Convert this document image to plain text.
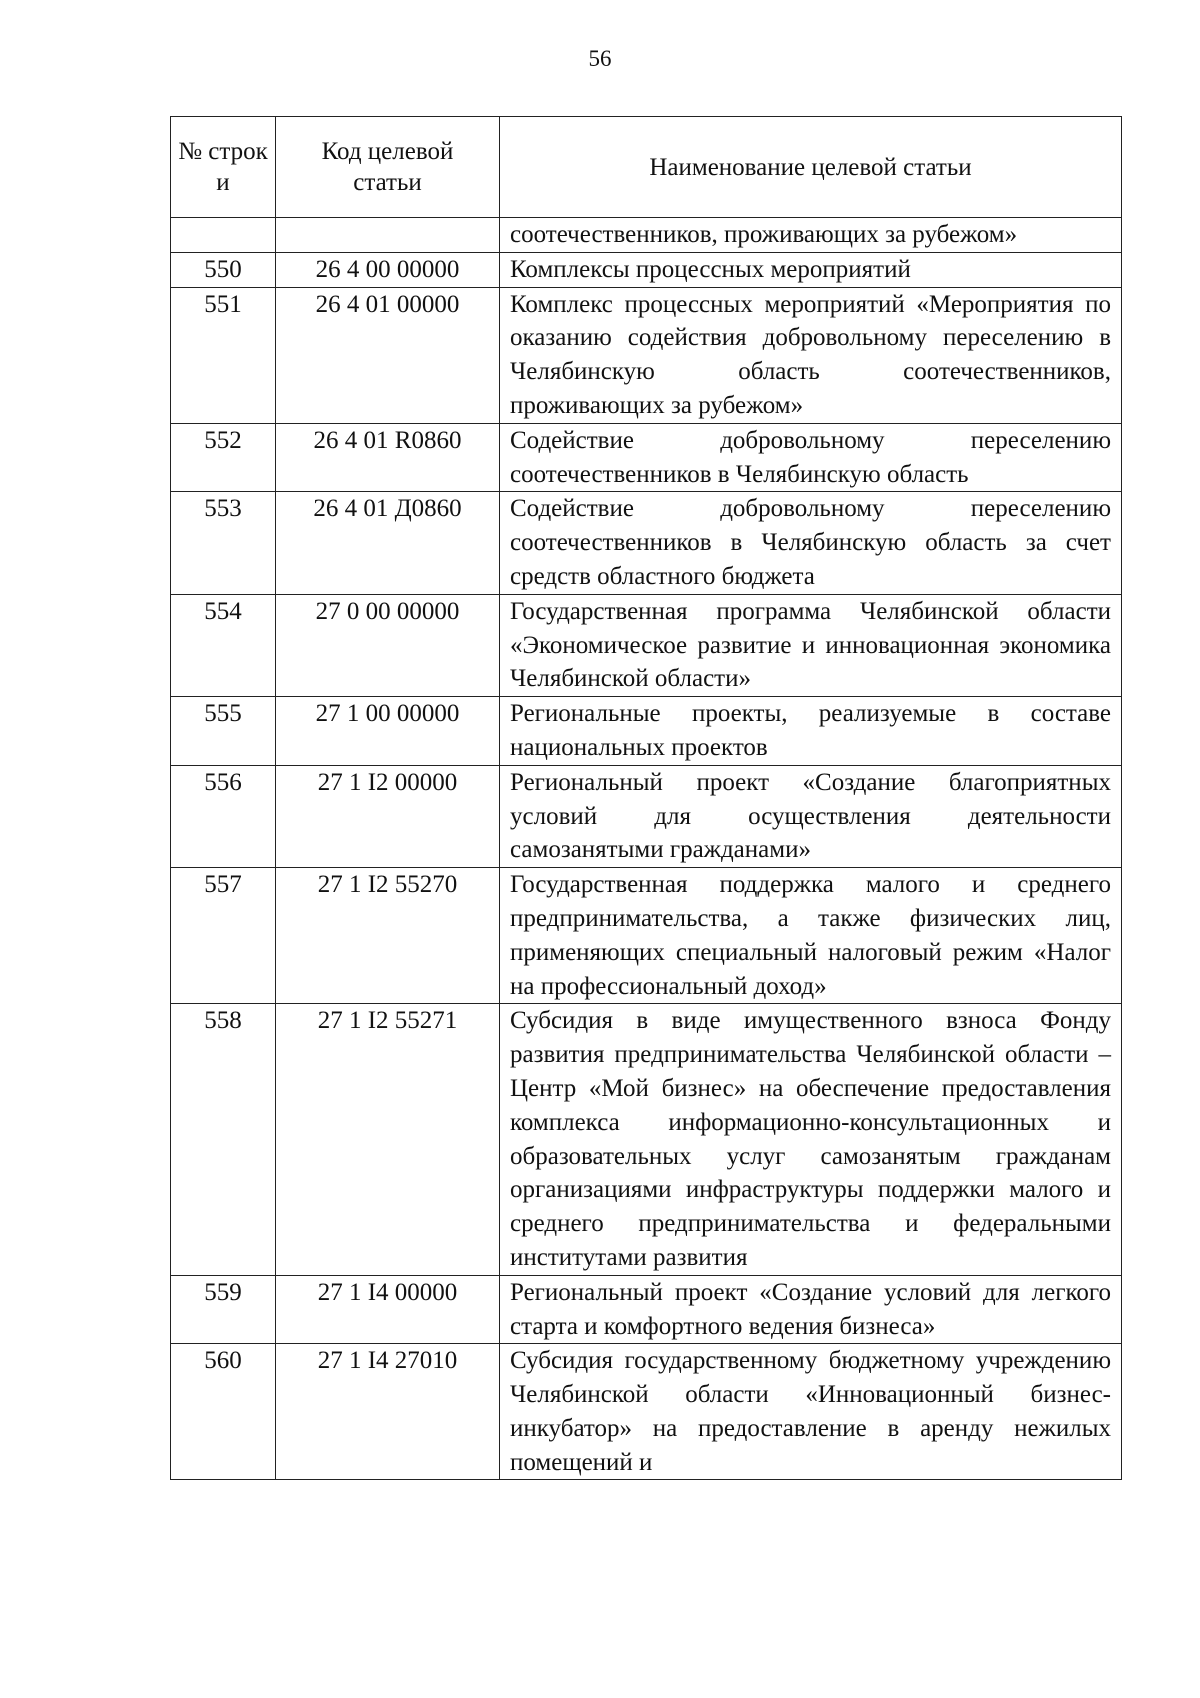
56
№ строк и	Код целевой статьи	Наименование целевой статьи
		соотечественников, проживающих за рубежом»
550	26 4 00 00000	Комплексы процессных мероприятий
551	26 4 01 00000	Комплекс процессных мероприятий «Мероприятия по оказанию содействия добровольному переселению в Челябинскую область соотечественников, проживающих за рубежом»
552	26 4 01 R0860	Содействие добровольному переселению соотечественников в Челябинскую область
553	26 4 01 Д0860	Содействие добровольному переселению соотечественников в Челябинскую область за счет средств областного бюджета
554	27 0 00 00000	Государственная программа Челябинской области «Экономическое развитие и инновационная экономика Челябинской области»
555	27 1 00 00000	Региональные проекты, реализуемые в составе национальных проектов
556	27 1 I2 00000	Региональный проект «Создание благоприятных условий для осуществления деятельности самозанятыми гражданами»
557	27 1 I2 55270	Государственная поддержка малого и среднего предпринимательства, а также физических лиц, применяющих специальный налоговый режим «Налог на профессиональный доход»
558	27 1 I2 55271	Субсидия в виде имущественного взноса Фонду развития предпринимательства Челябинской области – Центр «Мой бизнес» на обеспечение предоставления комплекса информационно-консультационных и образовательных услуг самозанятым гражданам организациями инфраструктуры поддержки малого и среднего предпринимательства и федеральными институтами развития
559	27 1 I4 00000	Региональный проект «Создание условий для легкого старта и комфортного ведения бизнеса»
560	27 1 I4 27010	Субсидия государственному бюджетному учреждению Челябинской области «Инновационный бизнес-инкубатор» на предоставление в аренду нежилых помещений и
